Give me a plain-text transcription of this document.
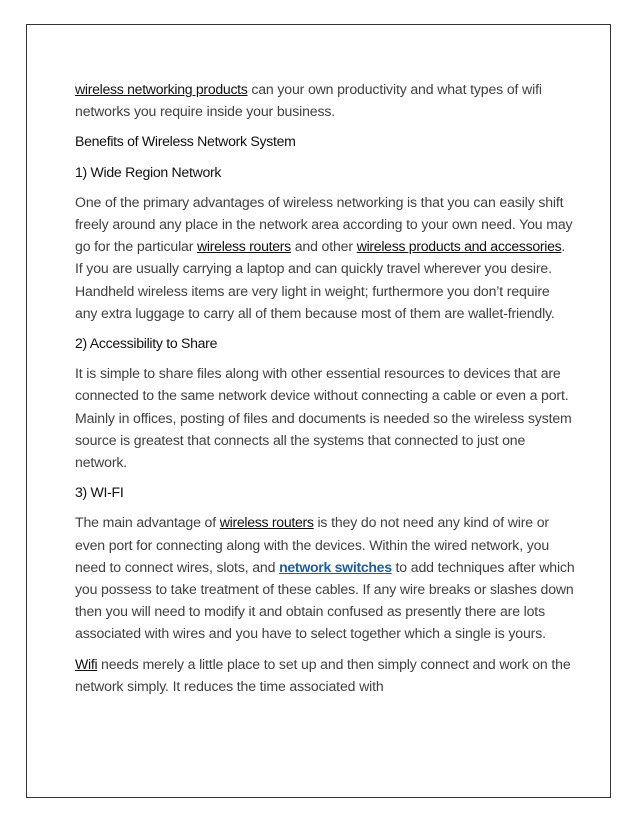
wireless networking products can your own productivity and what types of wifi networks you require inside your business.

Benefits of Wireless Network System

1) Wide Region Network

One of the primary advantages of wireless networking is that you can easily shift freely around any place in the network area according to your own need. You may go for the particular wireless routers and other wireless products and accessories. If you are usually carrying a laptop and can quickly travel wherever you desire. Handheld wireless items are very light in weight; furthermore you don’t require any extra luggage to carry all of them because most of them are wallet-friendly.

2) Accessibility to Share

It is simple to share files along with other essential resources to devices that are connected to the same network device without connecting a cable or even a port. Mainly in offices, posting of files and documents is needed so the wireless system source is greatest that connects all the systems that connected to just one network.

3) WI-FI

The main advantage of wireless routers is they do not need any kind of wire or even port for connecting along with the devices. Within the wired network, you need to connect wires, slots, and network switches to add techniques after which you possess to take treatment of these cables. If any wire breaks or slashes down then you will need to modify it and obtain confused as presently there are lots associated with wires and you have to select together which a single is yours.

Wifi needs merely a little place to set up and then simply connect and work on the network simply. It reduces the time associated with
